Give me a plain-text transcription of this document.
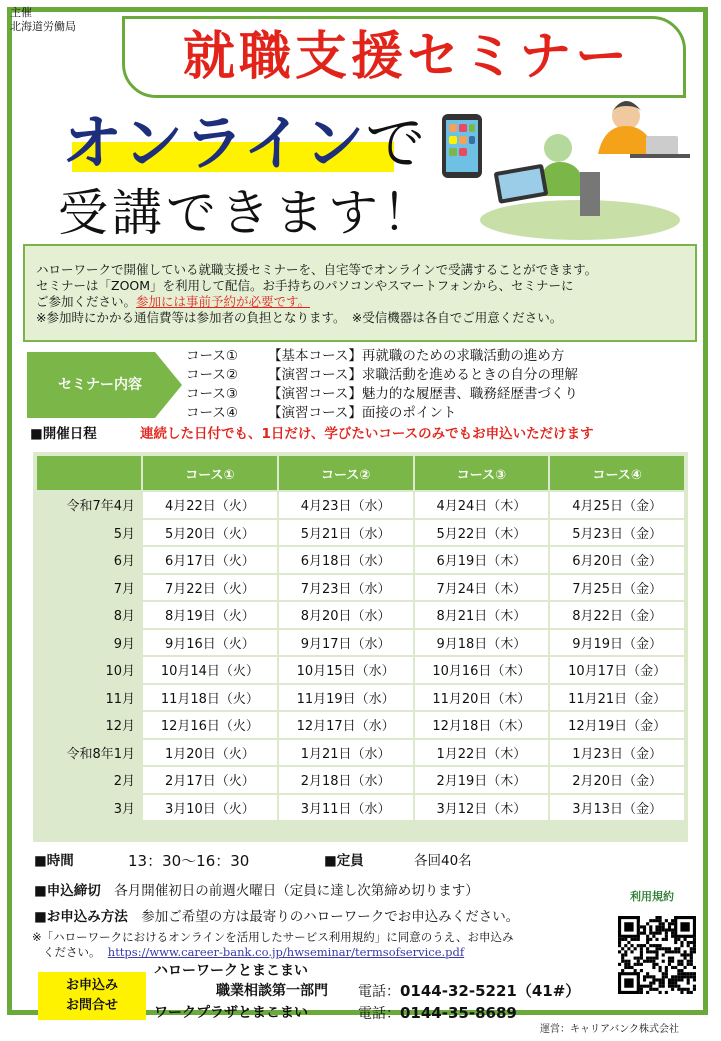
主催
北海道労働局
就職支援セミナー
オンラインで
受講できます！
ハローワークで開催している就職支援セミナーを、自宅等でオンラインで受講することができます。
セミナーは「ZOOM」を利用して配信。お手持ちのパソコンやスマートフォンから、セミナーに
ご参加ください。参加には事前予約が必要です。
※参加時にかかる通信費等は参加者の負担となります。　※受信機器は各自でご用意ください。
セミナー内容
コース① 【基本コース】再就職のための求職活動の進め方
コース② 【演習コース】求職活動を進めるときの自分の理解
コース③ 【演習コース】魅力的な履歴書、職務経歴書づくり
コース④ 【演習コース】面接のポイント
■開催日程	連続した日付でも、1日だけ、学びたいコースのみでもお申込いただけます
	コース①	コース②	コース③	コース④
令和7年4月	4月22日（火）	4月23日（水）	4月24日（木）	4月25日（金）
5月	5月20日（火）	5月21日（水）	5月22日（木）	5月23日（金）
6月	6月17日（火）	6月18日（水）	6月19日（木）	6月20日（金）
7月	7月22日（火）	7月23日（水）	7月24日（木）	7月25日（金）
8月	8月19日（火）	8月20日（水）	8月21日（木）	8月22日（金）
9月	9月16日（火）	9月17日（水）	9月18日（木）	9月19日（金）
10月	10月14日（火）	10月15日（水）	10月16日（木）	10月17日（金）
11月	11月18日（火）	11月19日（水）	11月20日（木）	11月21日（金）
12月	12月16日（火）	12月17日（水）	12月18日（木）	12月19日（金）
令和8年1月	1月20日（火）	1月21日（水）	1月22日（木）	1月23日（金）
2月	2月17日（火）	2月18日（水）	2月19日（木）	2月20日（金）
3月	3月10日（火）	3月11日（水）	3月12日（木）	3月13日（金）
■時間	13：30～16：30	■定員	各回40名
■申込締切　 各月開催初日の前週火曜日（定員に達し次第締め切ります）
■お申込み方法　 参加ご希望の方は最寄りのハローワークでお申込みください。
※「ハローワークにおけるオンラインを活用したサービス利用規約」に同意のうえ、お申込み
ください。 https://www.career-bank.co.jp/hwseminar/termsofservice.pdf
お申込み
お問合せ
ハローワークとまこまい
職業相談第一部門 電話：0144-32-5221（41#）
ワークプラザとまこまい	電話：0144-35-8689
利用規約
運営：キャリアバンク株式会社
